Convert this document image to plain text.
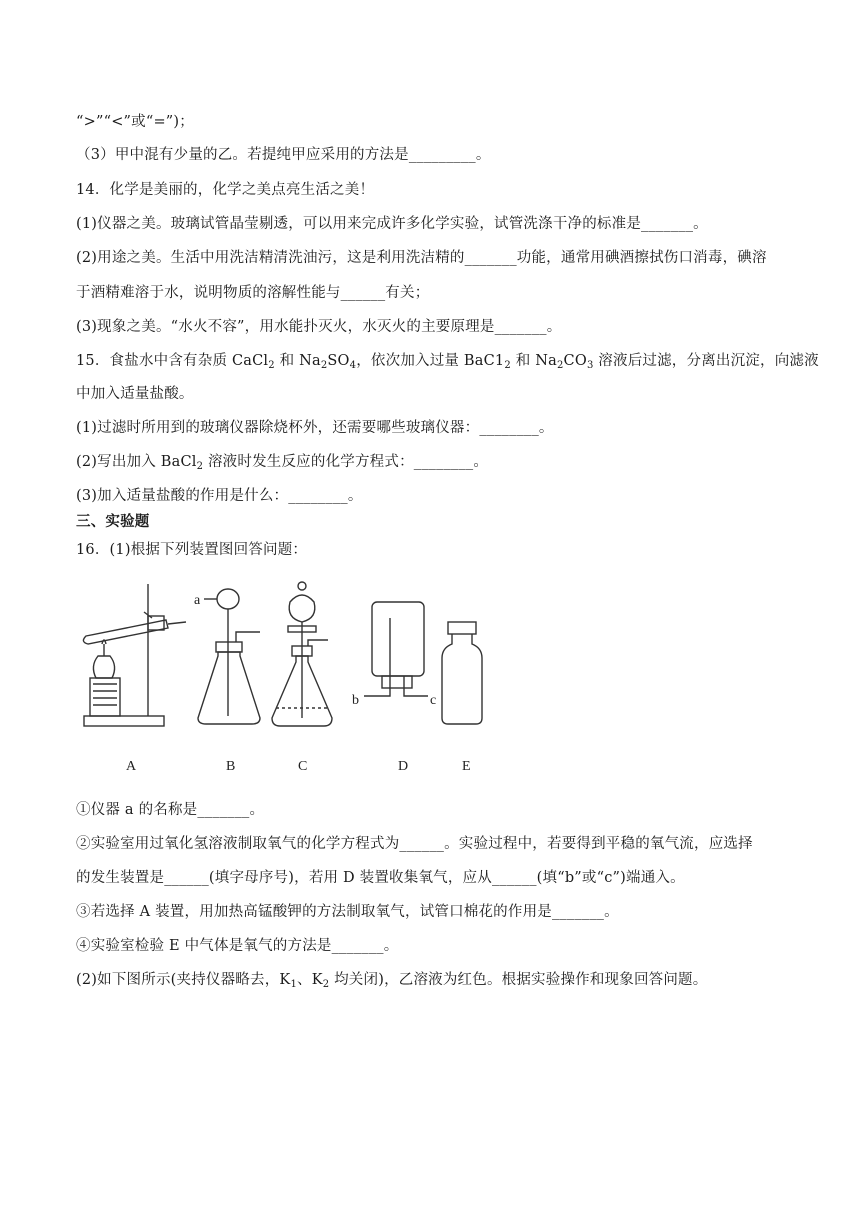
“>”“<”或“=”)；
（3）甲中混有少量的乙。若提纯甲应采用的方法是_________。
14．化学是美丽的，化学之美点亮生活之美！
(1)仪器之美。玻璃试管晶莹剔透，可以用来完成许多化学实验，试管洗涤干净的标准是_______。
(2)用途之美。生活中用洗洁精清洗油污，这是利用洗洁精的_______功能，通常用碘酒擦拭伤口消毒，碘溶
于酒精难溶于水，说明物质的溶解性能与______有关；
(3)现象之美。“水火不容”，用水能扑灭火，水灭火的主要原理是_______。
15．食盐水中含有杂质 CaCl$_2$ 和 $Na_2SO_4$，依次加入过量 $BaC1_2$ 和 $Na_2CO_3$ 溶液后过滤，分离出沉淀，向滤液
中加入适量盐酸。
(1)过滤时所用到的玻璃仪器除烧杯外，还需要哪些玻璃仪器：________。
(2)写出加入 BaCl$_2$ 溶液时发生反应的化学方程式：________。
(3)加入适量盐酸的作用是什么：________。
三、实验题
16．(1)根据下列装置图回答问题：
a
b	c
A	B	C	D	E
①仪器 a 的名称是_______。
②实验室用过氧化氢溶液制取氧气的化学方程式为______。实验过程中，若要得到平稳的氧气流，应选择
的发生装置是______(填字母序号)，若用 D 装置收集氧气，应从______(填“b”或“c”)端通入。
③若选择 A 装置，用加热高锰酸钾的方法制取氧气，试管口棉花的作用是_______。
④实验室检验 E 中气体是氧气的方法是_______。
(2)如下图所示(夹持仪器略去，$K_1$、$K_2$ 均关闭)，乙溶液为红色。根据实验操作和现象回答问题。
